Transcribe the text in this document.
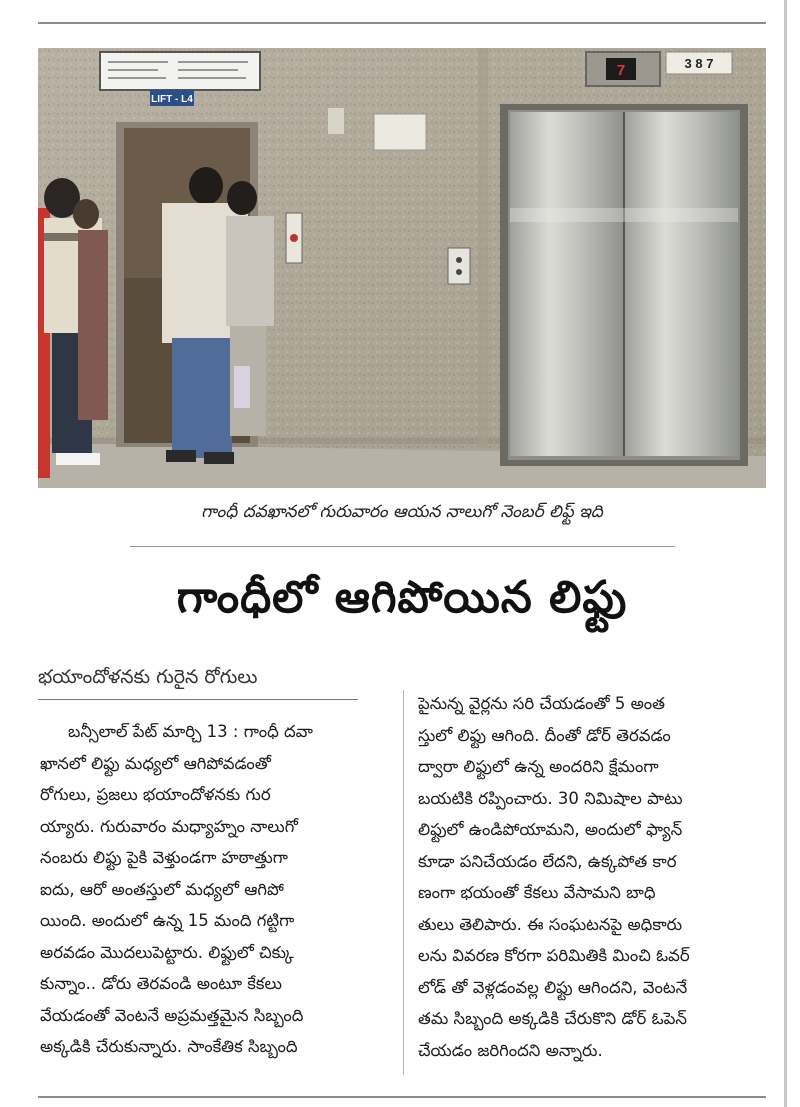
LIFT - L4
7	3 8 7
గాంధీ దవఖానలో గురువారం ఆయన నాలుగో నెంబర్ లిఫ్ట్ ఇది
గాంధీలో ఆగిపోయిన లిఫ్టు
భయాందోళనకు గురైన రోగులు
బన్సీలాల్ పేట్ మార్చి 13 : గాంధీ దవా
ఖానలో లిఫ్టు మధ్యలో ఆగిపోవడంతో
రోగులు, ప్రజలు భయాందోళనకు గుర
య్యారు. గురువారం మధ్యాహ్నం నాలుగో
నంబరు లిఫ్టు పైకి వెళ్తుండగా హఠాత్తుగా
ఐదు, ఆరో అంతస్తులో మధ్యలో ఆగిపో
యింది. అందులో ఉన్న 15 మంది గట్టిగా
అరవడం మొదలుపెట్టారు. లిఫ్టులో చిక్కు
కున్నాం.. డోరు తెరవండి అంటూ కేకలు
వేయడంతో వెంటనే అప్రమత్తమైన సిబ్బంది
అక్కడికి చేరుకున్నారు. సాంకేతిక సిబ్బంది
పైనున్న వైర్లను సరి చేయడంతో 5 అంత
స్తులో లిఫ్టు ఆగింది. దీంతో డోర్ తెరవడం
ద్వారా లిఫ్టులో ఉన్న అందరిని క్షేమంగా
బయటికి రప్పించారు. 30 నిమిషాల పాటు
లిఫ్టులో ఉండిపోయామని, అందులో ఫ్యాన్
కూడా పనిచేయడం లేదని, ఉక్కపోత కార
ణంగా భయంతో కేకలు వేసామని బాధి
తులు తెలిపారు. ఈ సంఘటనపై అధికారు
లను వివరణ కోరగా పరిమితికి మించి ఓవర్
లోడ్ తో వెళ్లడంవల్ల లిఫ్టు ఆగిందని, వెంటనే
తమ సిబ్బంది అక్కడికి చేరుకొని డోర్ ఓపెన్
చేయడం జరిగిందని అన్నారు.
